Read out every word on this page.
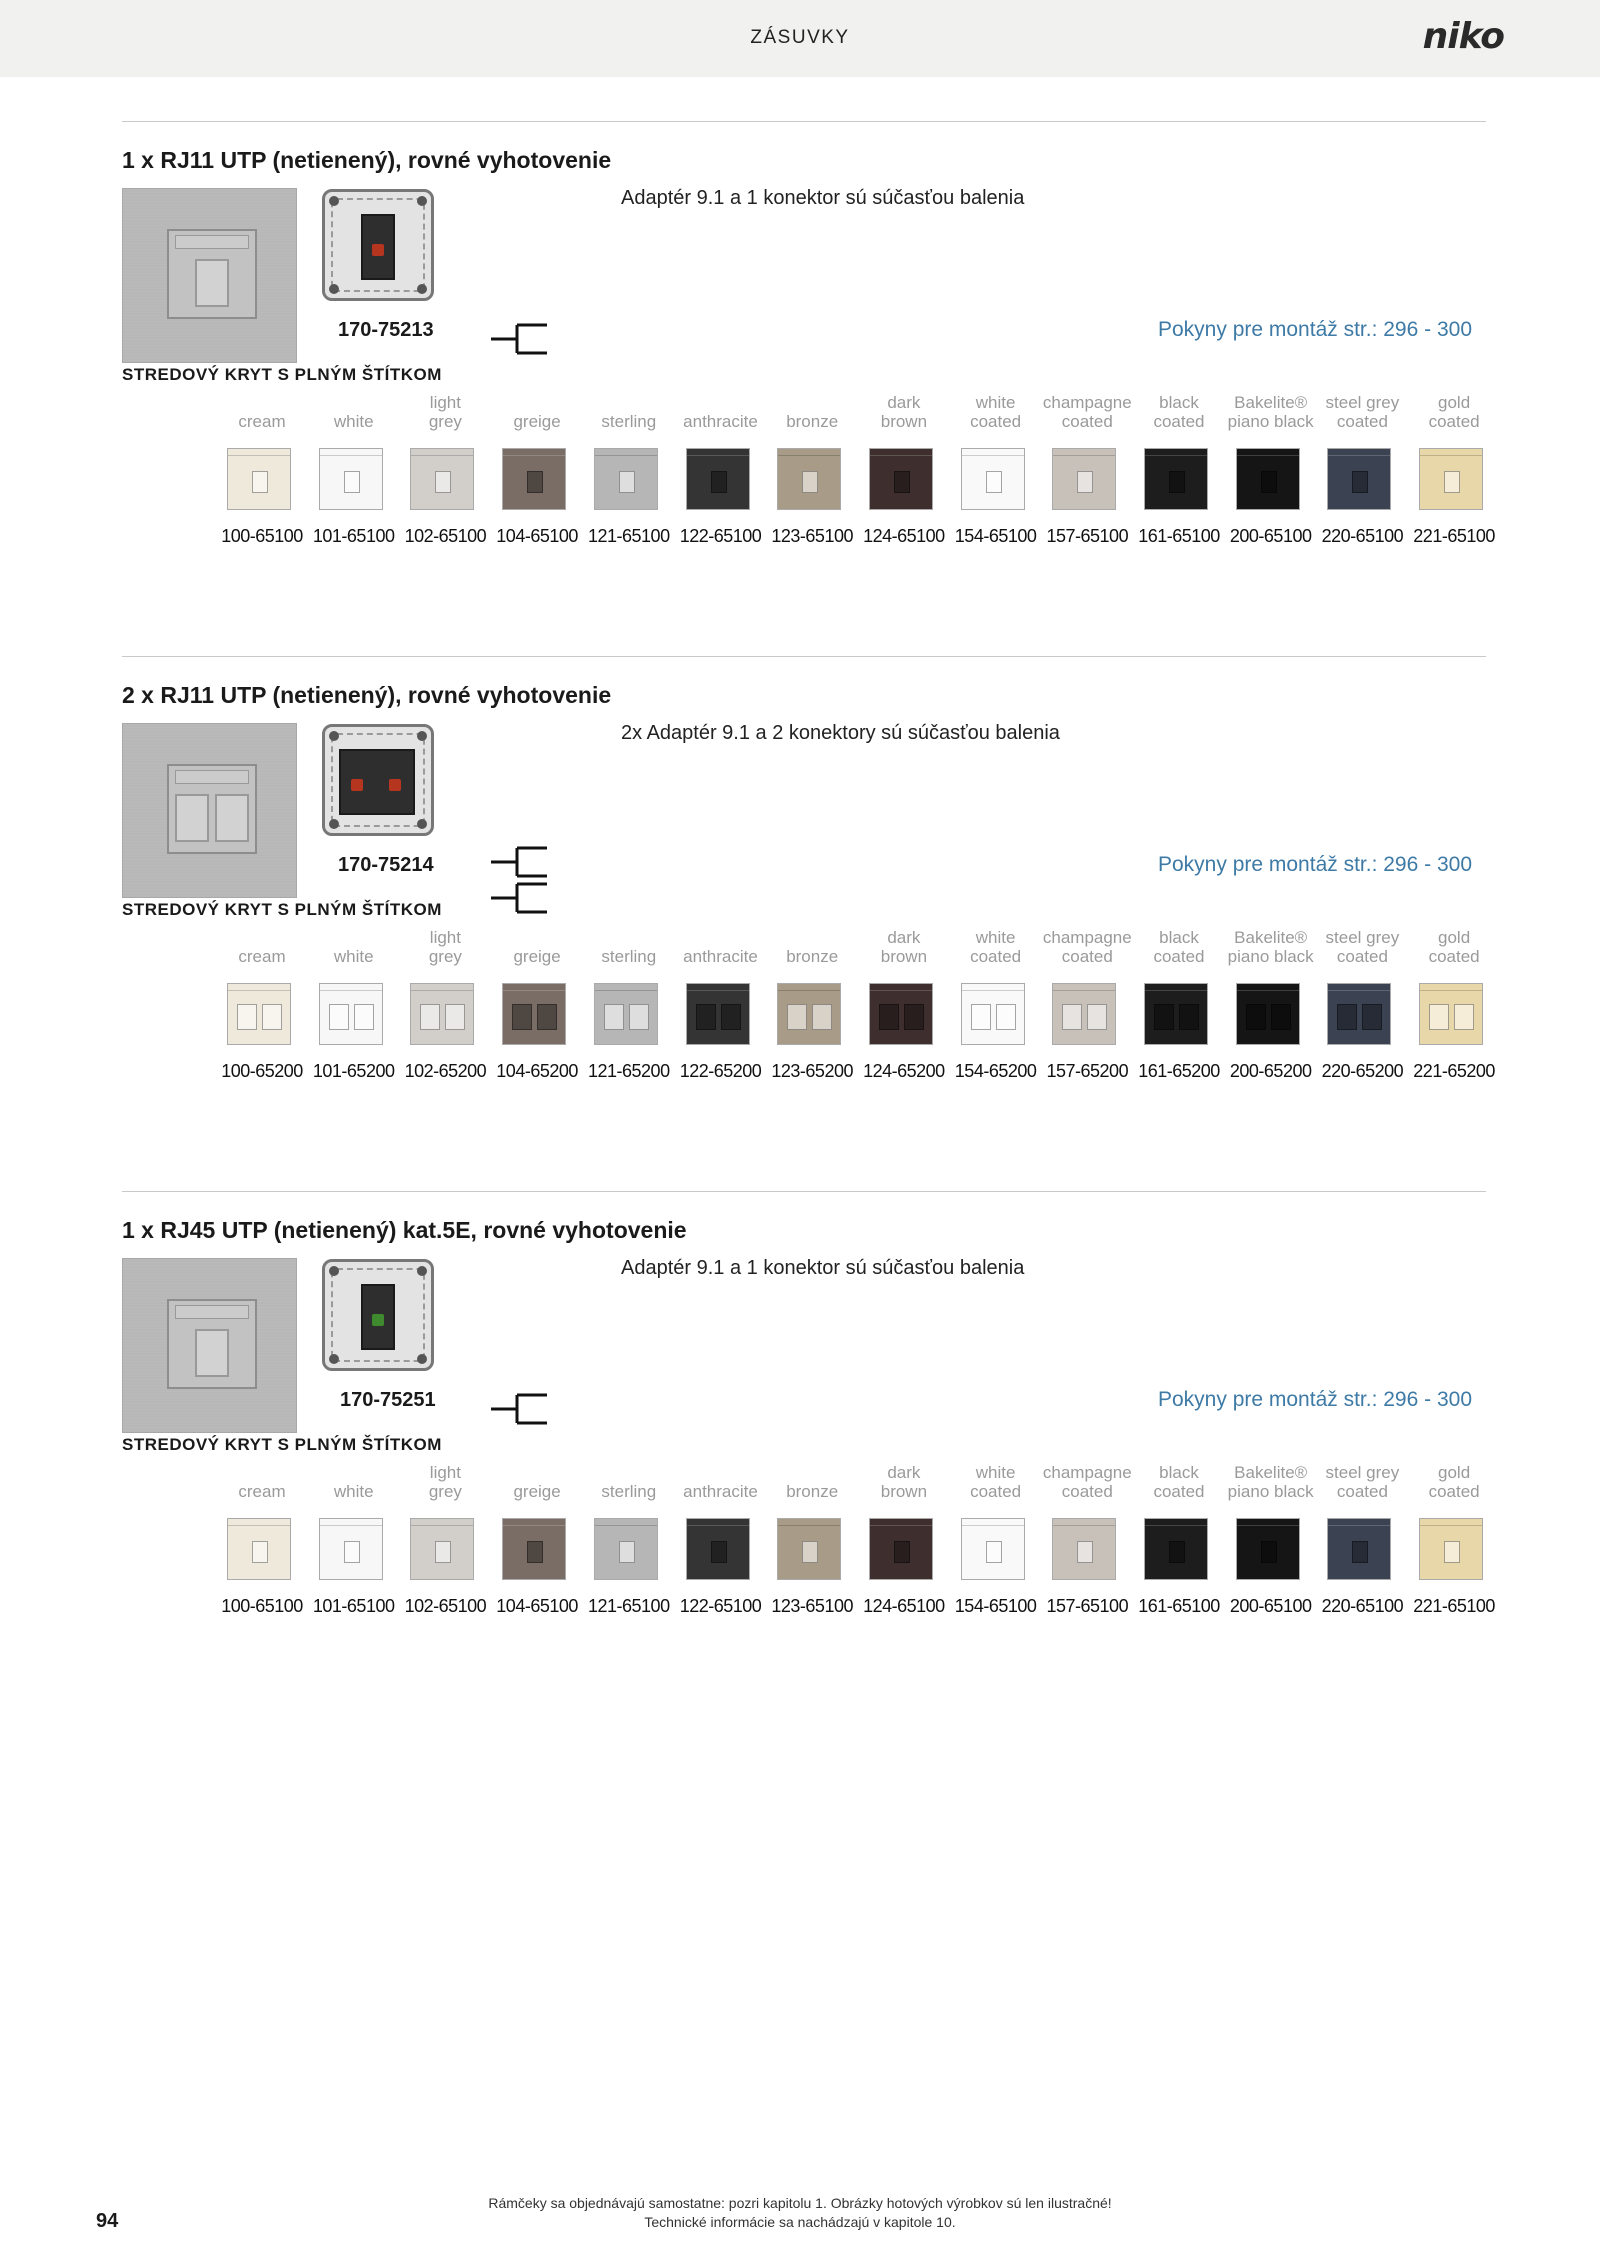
ZÁSUVKY	niko
1 x RJ11 UTP (netienený), rovné vyhotovenie
170-75213
Adaptér 9.1 a 1 konektor sú súčasťou balenia
Pokyny pre montáž str.: 296 - 300
STREDOVÝ KRYT S PLNÝM ŠTÍTKOM
cream
100-65100
white
101-65100
light
grey
102-65100
greige
104-65100
sterling
121-65100
anthracite
122-65100
bronze
123-65100
dark
brown
124-65100
white
coated
154-65100
champagne
coated
157-65100
black
coated
161-65100
Bakelite®
piano black
200-65100
steel grey
coated
220-65100
gold
coated
221-65100
2 x RJ11 UTP (netienený), rovné vyhotovenie
170-75214
2x Adaptér 9.1 a 2 konektory sú súčasťou balenia
Pokyny pre montáž str.: 296 - 300
STREDOVÝ KRYT S PLNÝM ŠTÍTKOM
cream
100-65200
white
101-65200
light
grey
102-65200
greige
104-65200
sterling
121-65200
anthracite
122-65200
bronze
123-65200
dark
brown
124-65200
white
coated
154-65200
champagne
coated
157-65200
black
coated
161-65200
Bakelite®
piano black
200-65200
steel grey
coated
220-65200
gold
coated
221-65200
1 x RJ45 UTP (netienený) kat.5E, rovné vyhotovenie
170-75251
Adaptér 9.1 a 1 konektor sú súčasťou balenia
Pokyny pre montáž str.: 296 - 300
STREDOVÝ KRYT S PLNÝM ŠTÍTKOM
cream
100-65100
white
101-65100
light
grey
102-65100
greige
104-65100
sterling
121-65100
anthracite
122-65100
bronze
123-65100
dark
brown
124-65100
white
coated
154-65100
champagne
coated
157-65100
black
coated
161-65100
Bakelite®
piano black
200-65100
steel grey
coated
220-65100
gold
coated
221-65100
94
Rámčeky sa objednávajú samostatne: pozri kapitolu 1. Obrázky hotových výrobkov sú len ilustračné!
Technické informácie sa nachádzajú v kapitole 10.
